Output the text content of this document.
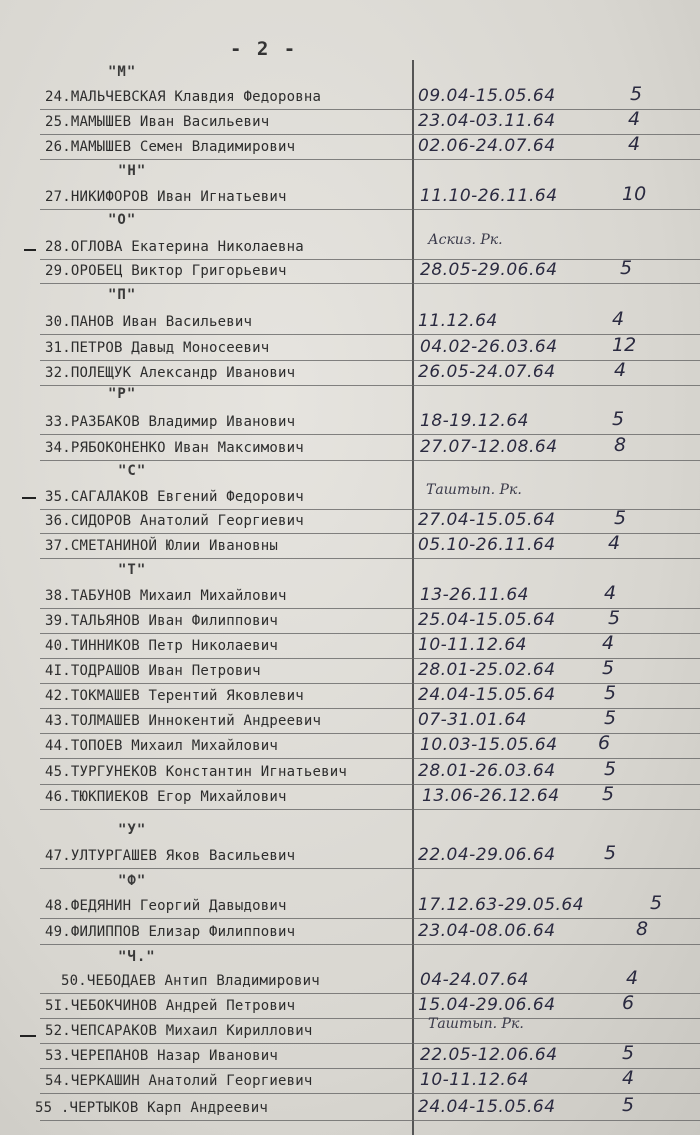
- 2 -
"М"
"Н"
"О"
"П"
"Р"
"С"
"Т"
"У"
"Ф"
"Ч."
24.МАЛЬЧЕВСКАЯ Клавдия Федоровна	09.04-15.05.64	5
25.МАМЫШЕВ Иван Васильевич	23.04-03.11.64	4
26.МАМЫШЕВ Семен Владимирович	02.06-24.07.64	4
27.НИКИФОРОВ Иван Игнатьевич	11.10-26.11.64	10
28.ОГЛОВА Екатерина Николаевна	Аскиз. Рк.
29.ОРОБЕЦ Виктор Григорьевич	28.05-29.06.64	5
30.ПАНОВ Иван Васильевич	11.12.64	4
31.ПЕТРОВ Давыд Моносеевич	04.02-26.03.64	12
32.ПОЛЕЩУК Александр Иванович	26.05-24.07.64	4
33.РАЗБАКОВ Владимир Иванович	18-19.12.64	5
34.РЯБОКОНЕНКО Иван Максимович	27.07-12.08.64	8
35.САГАЛАКОВ Евгений Федорович	Таштып. Рк.
36.СИДОРОВ Анатолий Георгиевич	27.04-15.05.64	5
37.СМЕТАНИНОЙ Юлии Ивановны	05.10-26.11.64	4
38.ТАБУНОВ Михаил Михайлович	13-26.11.64	4
39.ТАЛЬЯНОВ Иван Филиппович	25.04-15.05.64	5
40.ТИННИКОВ Петр Николаевич	10-11.12.64	4
4I.ТОДРАШОВ Иван Петрович	28.01-25.02.64 5
42.ТОКМАШЕВ Терентий Яковлевич	24.04-15.05.64	5
43.ТОЛМАШЕВ Иннокентий Андреевич	07-31.01.64	5
44.ТОПОЕВ Михаил Михайлович	10.03-15.05.64 6
45.ТУРГУНЕКОВ Константин Игнатьевич	28.01-26.03.64	5
46.ТЮКПИЕКОВ Егор Михайлович	13.06-26.12.64 5
47.УЛТУРГАШЕВ Яков Васильевич	22.04-29.06.64	5
48.ФЕДЯНИН Георгий Давыдович	17.12.63-29.05.64	5
49.ФИЛИППОВ Елизар Филиппович	23.04-08.06.64	8
50.ЧЕБОДАЕВ Антип Владимирович	04-24.07.64	4
5I.ЧЕБОКЧИНОВ Андрей Петрович	15.04-29.06.64	6
52.ЧЕПСАРАКОВ Михаил Кириллович	Таштып. Рк.
53.ЧЕРЕПАНОВ Назар Иванович	22.05-12.06.64	5
54.ЧЕРКАШИН Анатолий Георгиевич	10-11.12.64	4
55 .ЧЕРТЫКОВ Карп Андреевич	24.04-15.05.64	5
